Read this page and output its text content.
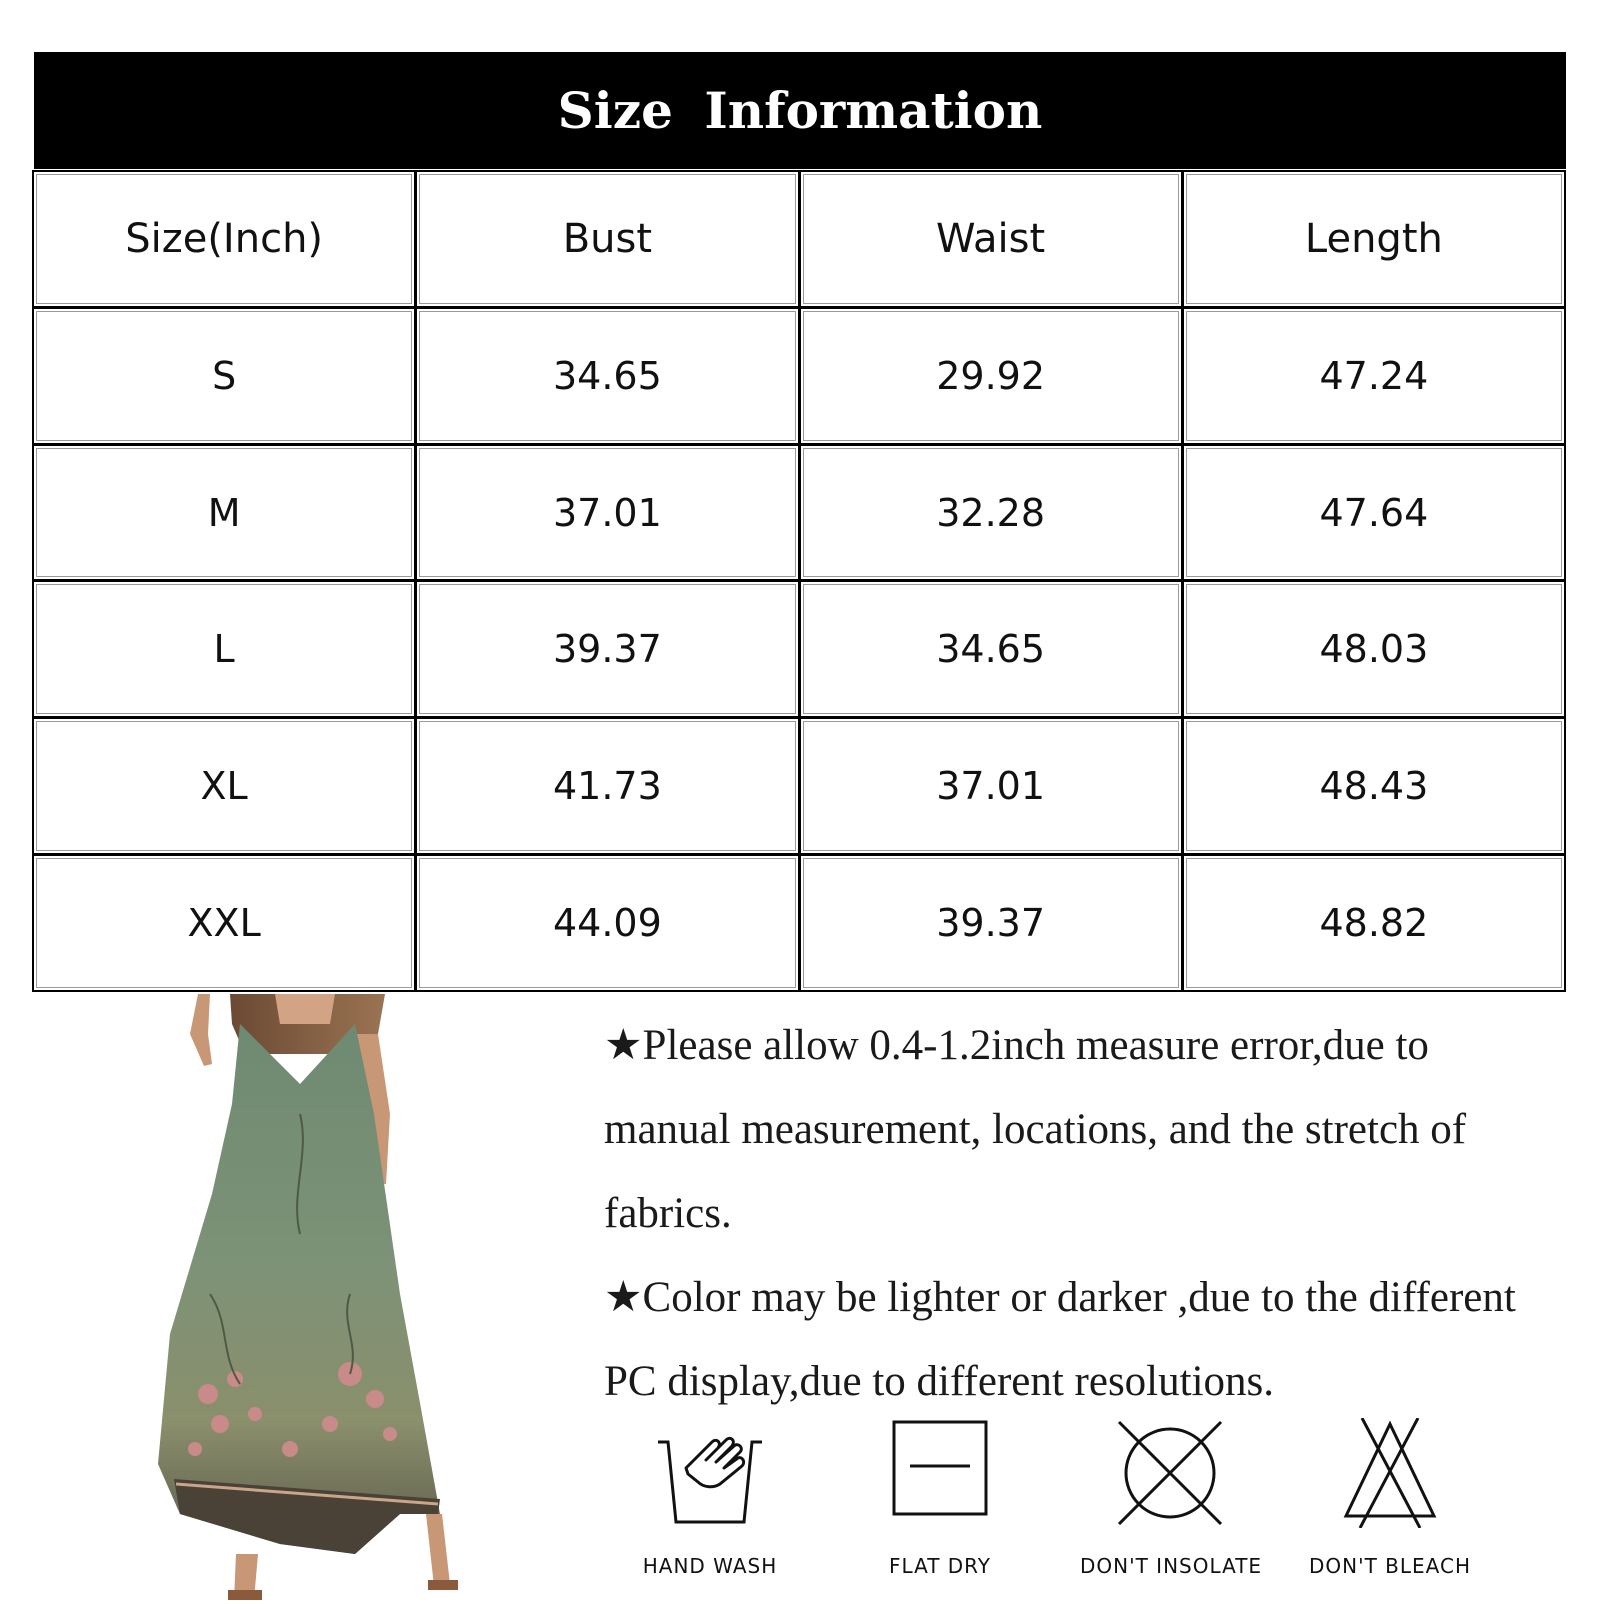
Size Information
Size(Inch)	Bust	Waist	Length
S	34.65	29.92	47.24
M	37.01	32.28	47.64
L	39.37	34.65	48.03
XL	41.73	37.01	48.43
XXL	44.09	39.37	48.82

★Please allow 0.4-1.2inch measure error,due to manual measurement, locations, and the stretch of fabrics.

★Color may be lighter or darker ,due to the different PC display,due to different resolutions.

HAND WASH	FLAT DRY	DON'T INSOLATE	DON'T BLEACH
